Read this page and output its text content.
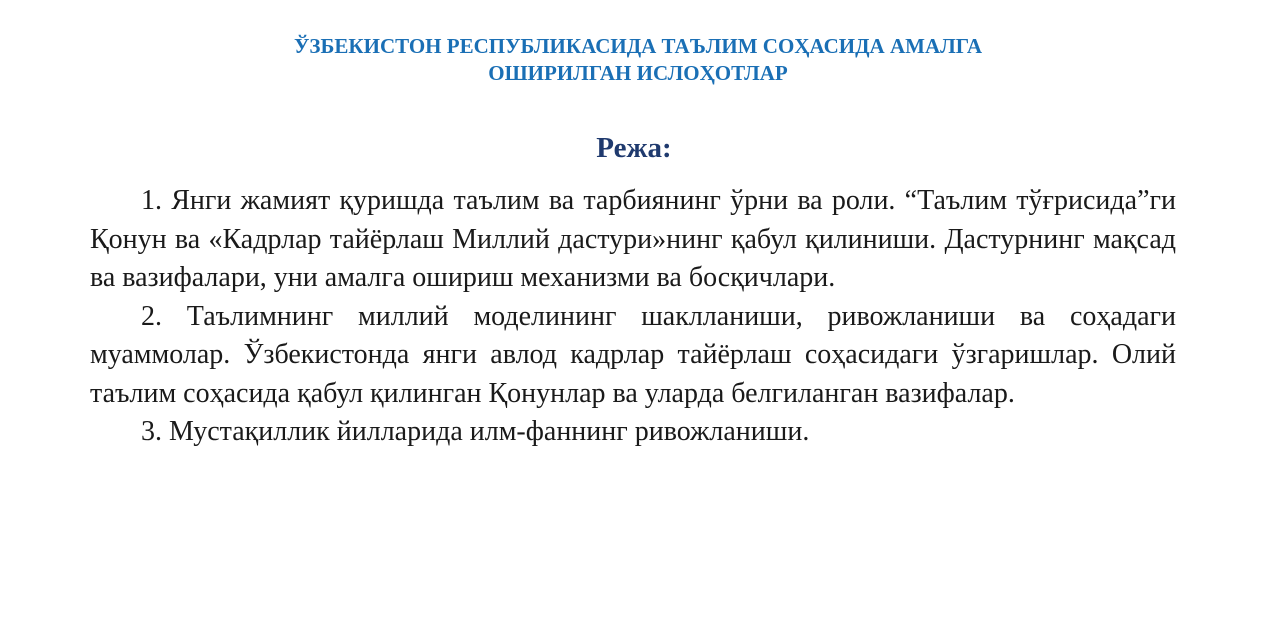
ЎЗБЕКИСТОН РЕСПУБЛИКАСИДА ТАЪЛИМ СОҲАСИДА АМАЛГА
ОШИРИЛГАН ИСЛОҲОТЛАР
Режа:

1. Янги жамият қуришда таълим ва тарбиянинг ўрни ва роли. “Таълим тўғрисида”ги Қонун ва «Кадрлар тайёрлаш Миллий дастури»нинг қабул қилиниши. Дастурнинг мақсад ва вазифалари, уни амалга ошириш механизми ва босқичлари.

2. Таълимнинг миллий моделининг шаклланиши, ривожланиши ва соҳадаги муаммолар. Ўзбекистонда янги авлод кадрлар тайёрлаш соҳасидаги ўзгаришлар. Олий таълим соҳасида қабул қилинган Қонунлар ва уларда белгиланган вазифалар.

3. Мустақиллик йилларида илм-фаннинг ривожланиши.
